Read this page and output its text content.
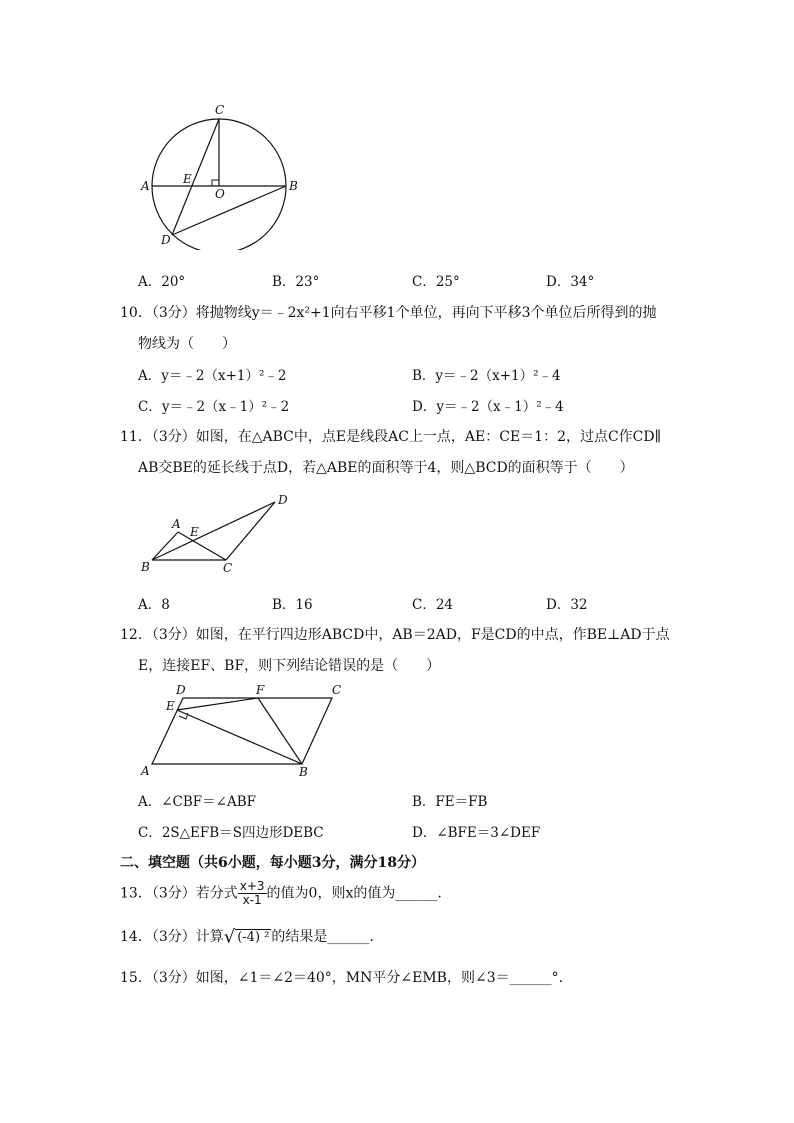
C
A	E
O
B
D
A．20°	B．23°	C．25°	D．34°
10．（3分）将抛物线y＝﹣2x²+1向右平移1个单位，再向下平移3个单位后所得到的抛
物线为（　　）
A．y＝﹣2（x+1）²﹣2	B．y＝﹣2（x+1）²﹣4
C．y＝﹣2（x﹣1）²﹣2	D．y＝﹣2（x﹣1）²﹣4
11．（3分）如图，在△ABC中，点E是线段AC上一点，AE：CE＝1：2，过点C作CD∥
AB交BE的延长线于点D，若△ABE的面积等于4，则△BCD的面积等于（　　）
A
E
D
B	C
A．8	B．16	C．24	D．32
12．（3分）如图，在平行四边形ABCD中，AB＝2AD，F是CD的中点，作BE⊥AD于点
E，连接EF、BF，则下列结论错误的是（　　）
D	F	C
E
A	B
A．∠CBF＝∠ABF	B．FE＝FB
C．2S△EFB＝S四边形DEBC	D．∠BFE＝3∠DEF
二、填空题（共6小题，每小题3分，满分18分）
13．（3分）若分式 $\frac{x+3}{x-1}$ 的值为0，则x的值为______.
14．（3分）计算√ (-4) ² 的结果是______.
15．（3分）如图，∠1＝∠2＝40°，MN平分∠EMB，则∠3＝______°.
